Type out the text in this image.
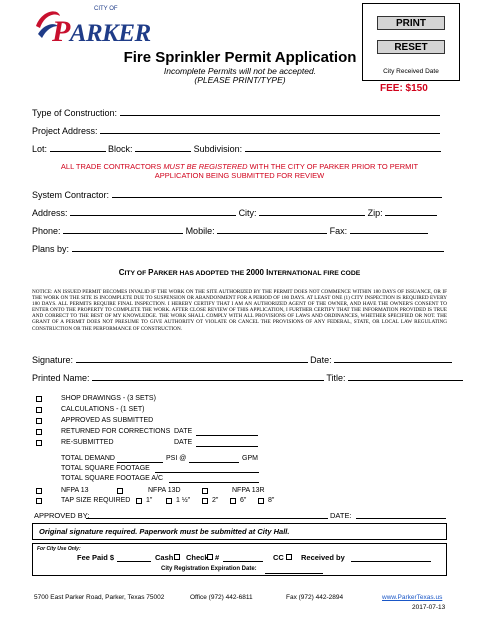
CITY OF
PARKER
Fire Sprinkler Permit Application
Incomplete Permits will not be accepted.
(PLEASE PRINT/TYPE)
PRINT
RESET
City Received Date
FEE: $150
Type of Construction:
Project Address:
Lot:	Block:	Subdivision:
ALL TRADE CONTRACTORS MUST BE REGISTERED WITH THE CITY OF PARKER PRIOR TO PERMIT
APPLICATION BEING SUBMITTED FOR REVIEW
System Contractor:
Address:	City:	Zip:
Phone:	Mobile:	Fax:
Plans by:
CITY OF PARKER HAS ADOPTED THE 2000 INTERNATIONAL FIRE CODE
NOTICE: AN ISSUED PERMIT BECOMES INVALID IF THE WORK ON THE SITE AUTHORIZED BY THE PERMIT DOES NOT COMMENCE WITHIN 180 DAYS OF ISSUANCE, OR IF THE WORK ON THE SITE IS INCOMPLETE DUE TO SUSPENSION OR ABANDONMENT FOR A PERIOD OF 180 DAYS. AT LEAST ONE (1) CITY INSPECTION IS REQUIRED EVERY 180 DAYS. ALL PERMITS REQUIRE FINAL INSPECTION. I HEREBY CERTIFY THAT I AM AN AUTHORIZED AGENT OF THE OWNER, AND HAVE THE OWNER'S CONSENT TO ENTER ONTO THE PROPERTY TO COMPLETE THE WORK. AFTER CLOSE REVIEW OF THIS APPLICATION, I FURTHER CERTIFY THAT THE INFORMATION PROVIDED IS TRUE AND CORRECT TO THE BEST OF MY KNOWLEDGE. THE WORK SHALL COMPLY WITH ALL PROVISIONS OF LAWS AND ORDINANCES, WHETHER SPECIFIED OR NOT. THE GRANT OF A PERMIT DOES NOT PRESUME TO GIVE AUTHORITY OT VIOLATE OR CANCEL THE PROVISIONS OF ANY FEDERAL, STATE, OR LOCAL LAW REGULATING CONSTRUCTION OR THE PERFORMANCE OF CONSTRUCTION.
Signature:	Date:
Printed Name:	Title:
SHOP DRAWINGS - (3 SETS)
CALCULATIONS - (1 SET)
APPROVED AS SUBMITTED
RETURNED FOR CORRECTIONS DATE
RE-SUBMITTED	DATE
TOTAL DEMAND	PSI @	GPM
TOTAL SQUARE FOOTAGE
TOTAL SQUARE FOOTAGE A/C
NFPA 13	NFPA 13D	NFPA 13R
TAP SIZE REQUIRED 1"	1 ½"	2"	6"	8"
APPROVED BY:	DATE:
Original signature required. Paperwork must be submitted at City Hall.
For City Use Only:
Fee Paid $	Cash Check #	CC Received by
City Registration Expiration Date:
5700 East Parker Road, Parker, Texas 75002	Office (972) 442-6811	Fax (972) 442-2894	www.ParkerTexas.us
2017-07-13
